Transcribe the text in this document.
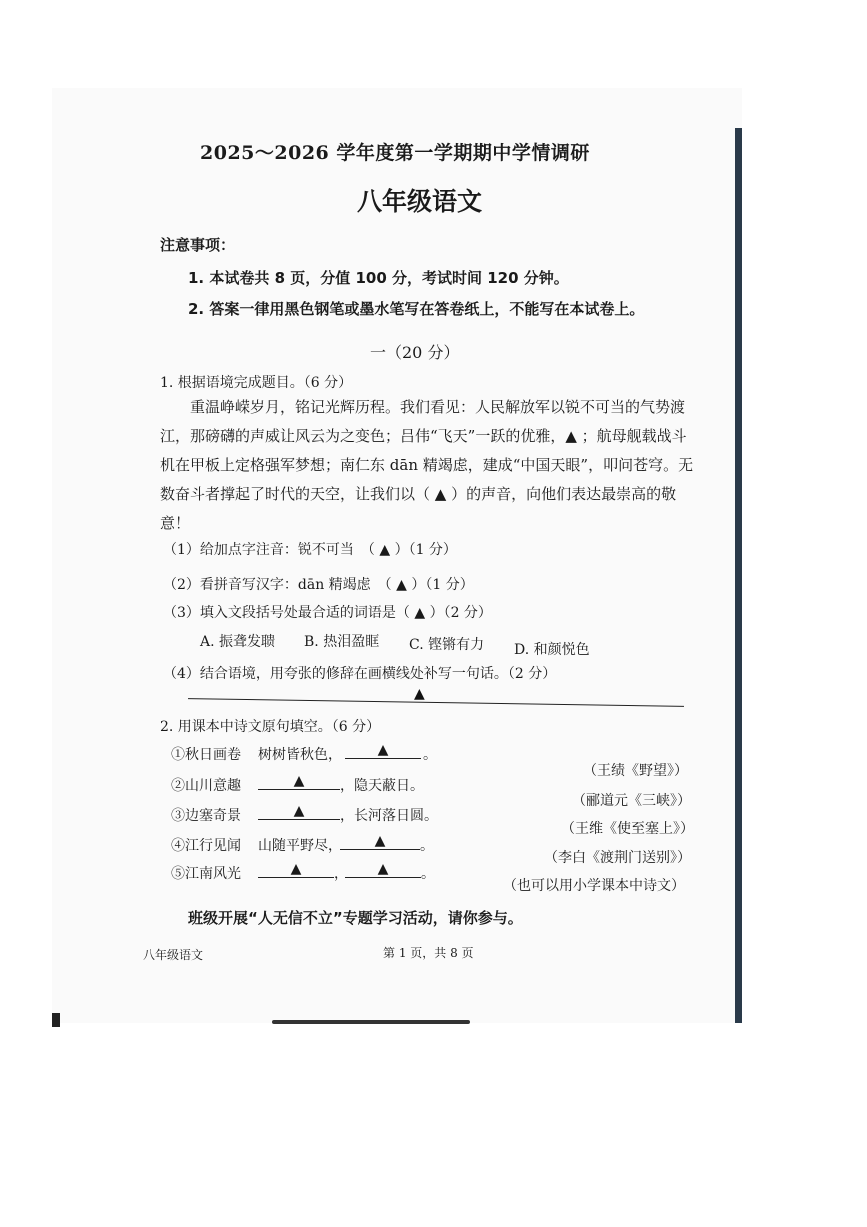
2025～2026 学年度第一学期期中学情调研
八年级语文
注意事项：
1. 本试卷共 8 页，分值 100 分，考试时间 120 分钟。
2. 答案一律用黑色钢笔或墨水笔写在答卷纸上，不能写在本试卷上。
一（20 分）
1. 根据语境完成题目。（6 分）
重温峥嵘岁月，铭记光辉历程。我们看见：人民解放军以锐不可当的气势渡江，那磅礴的声威让风云为之变色；吕伟“飞天”一跃的优雅，▲ ；航母舰载战斗机在甲板上定格强军梦想；南仁东 dān 精竭虑，建成“中国天眼”，叩问苍穹。无数奋斗者撑起了时代的天空，让我们以（ ▲ ）的声音，向他们表达最崇高的敬意！
（1）给加点字注音：锐不可当　（ ▲ ）（1 分）
（2）看拼音写汉字：dān 精竭虑　（ ▲ ）（1 分）
（3）填入文段括号处最合适的词语是（ ▲ ）（2 分）
A. 振聋发聩 B. 热泪盈眶 C. 铿锵有力 D. 和颜悦色
（4）结合语境，用夸张的修辞在画横线处补写一句话。（2 分）
▲
2. 用课本中诗文原句填空。（6 分）
①秋日画卷 树树皆秋色，	▲	。
（王绩《野望》）
②山川意趣	▲	，隐天蔽日。
（郦道元《三峡》）
③边塞奇景	▲	，长河落日圆。
（王维《使至塞上》）
④江行见闻 山随平野尽，	▲	。
（李白《渡荆门送别》）
⑤江南风光	▲	，	▲	。
（也可以用小学课本中诗文）
班级开展“人无信不立”专题学习活动，请你参与。
八年级语文	第 1 页，共 8 页
